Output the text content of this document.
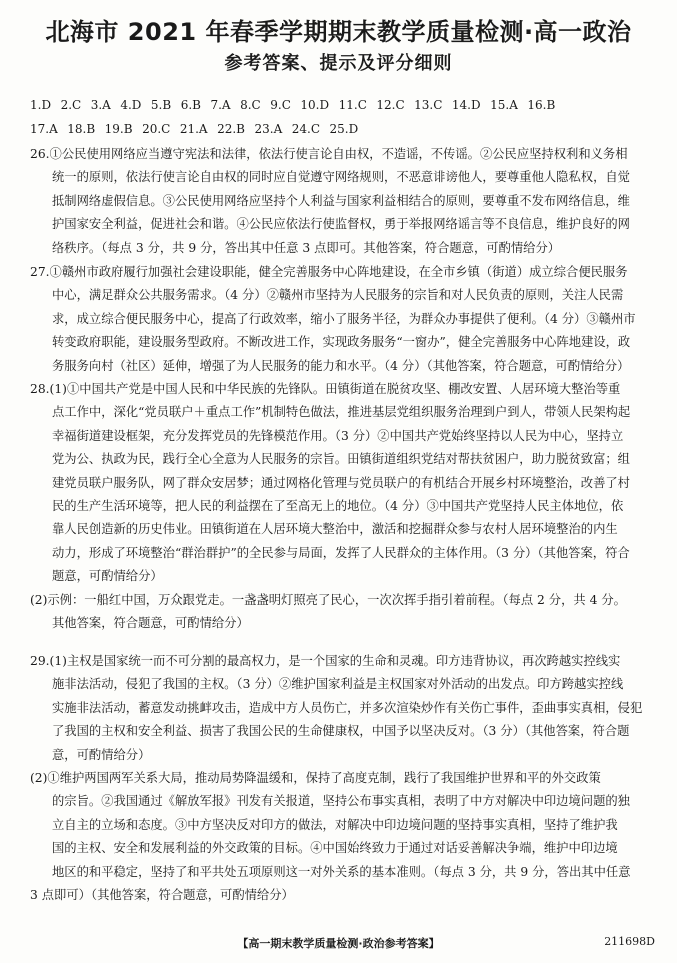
北海市 2021 年春季学期期末教学质量检测·高一政治
参考答案、提示及评分细则
1.D 2.C 3.A 4.D 5.B 6.B 7.A 8.C 9.C 10.D 11.C 12.C 13.C 14.D 15.A 16.B
17.A 18.B 19.B 20.C 21.A 22.B 23.A 24.C 25.D
26.①公民使用网络应当遵守宪法和法律，依法行使言论自由权，不造谣，不传谣。②公民应坚持权利和义务相
统一的原则，依法行使言论自由权的同时应自觉遵守网络规则，不恶意诽谤他人，要尊重他人隐私权，自觉
抵制网络虚假信息。③公民使用网络应坚持个人利益与国家利益相结合的原则，要尊重不发布网络信息，维
护国家安全利益，促进社会和谐。④公民应依法行使监督权，勇于举报网络谣言等不良信息，维护良好的网
络秩序。（每点 3 分，共 9 分，答出其中任意 3 点即可。其他答案，符合题意，可酌情给分）
27.①赣州市政府履行加强社会建设职能，健全完善服务中心阵地建设，在全市乡镇（街道）成立综合便民服务
中心，满足群众公共服务需求。（4 分）②赣州市坚持为人民服务的宗旨和对人民负责的原则，关注人民需
求，成立综合便民服务中心，提高了行政效率，缩小了服务半径，为群众办事提供了便利。（4 分）③赣州市
转变政府职能，建设服务型政府。不断改进工作，实现政务服务“一窗办”，健全完善服务中心阵地建设，政
务服务向村（社区）延伸，增强了为人民服务的能力和水平。（4 分）（其他答案，符合题意，可酌情给分）
28.(1)①中国共产党是中国人民和中华民族的先锋队。田镇街道在脱贫攻坚、棚改安置、人居环境大整治等重
点工作中，深化“党员联户＋重点工作”机制特色做法，推进基层党组织服务治理到户到人，带领人民架构起
幸福街道建设框架，充分发挥党员的先锋模范作用。（3 分）②中国共产党始终坚持以人民为中心，坚持立
党为公、执政为民，践行全心全意为人民服务的宗旨。田镇街道组织党结对帮扶贫困户，助力脱贫致富；组
建党员联户服务队，网了群众安居梦；通过网格化管理与党员联户的有机结合开展乡村环境整治，改善了村
民的生产生活环境等，把人民的利益摆在了至高无上的地位。（4 分）③中国共产党坚持人民主体地位，依
靠人民创造新的历史伟业。田镇街道在人居环境大整治中，激活和挖掘群众参与农村人居环境整治的内生
动力，形成了环境整治“群治群护”的全民参与局面，发挥了人民群众的主体作用。（3 分）（其他答案，符合
题意，可酌情给分）
(2)示例：一船红中国，万众跟党走。一盏盏明灯照亮了民心，一次次挥手指引着前程。（每点 2 分，共 4 分。
其他答案，符合题意，可酌情给分）
29.(1)主权是国家统一而不可分割的最高权力，是一个国家的生命和灵魂。印方违背协议，再次跨越实控线实
施非法活动，侵犯了我国的主权。（3 分）②维护国家利益是主权国家对外活动的出发点。印方跨越实控线
实施非法活动，蓄意发动挑衅攻击，造成中方人员伤亡，并多次渲染炒作有关伤亡事件，歪曲事实真相，侵犯
了我国的主权和安全利益、损害了我国公民的生命健康权，中国予以坚决反对。（3 分）（其他答案，符合题
意，可酌情给分）
(2)①维护两国两军关系大局，推动局势降温缓和，保持了高度克制，践行了我国维护世界和平的外交政策
的宗旨。②我国通过《解放军报》刊发有关报道，坚持公布事实真相，表明了中方对解决中印边境问题的独
立自主的立场和态度。③中方坚决反对印方的做法，对解决中印边境问题的坚持事实真相，坚持了维护我
国的主权、安全和发展利益的外交政策的目标。④中国始终致力于通过对话妥善解决争端，维护中印边境
地区的和平稳定，坚持了和平共处五项原则这一对外关系的基本准则。（每点 3 分，共 9 分，答出其中任意
3 点即可）（其他答案，符合题意，可酌情给分）
【高一期末教学质量检测·政治参考答案】	211698D
